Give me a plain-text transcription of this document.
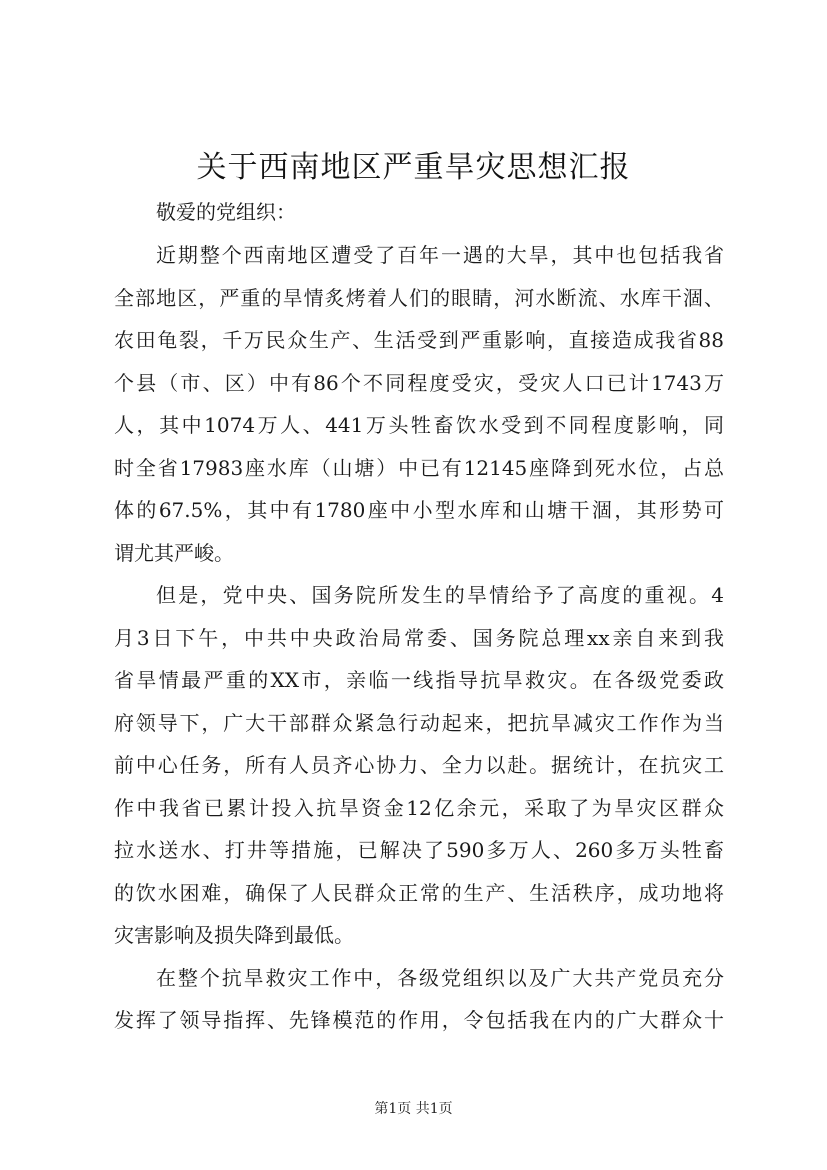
关于西南地区严重旱灾思想汇报
敬爱的党组织：
近期整个西南地区遭受了百年一遇的大旱，其中也包括我省
全部地区，严重的旱情炙烤着人们的眼睛，河水断流、水库干涸、
农田龟裂，千万民众生产、生活受到严重影响，直接造成我省88
个县（市、区）中有86个不同程度受灾，受灾人口已计1743万
人，其中1074万人、441万头牲畜饮水受到不同程度影响，同
时全省17983座水库（山塘）中已有12145座降到死水位，占总
体的67.5%，其中有1780座中小型水库和山塘干涸，其形势可
谓尤其严峻。
但是，党中央、国务院所发生的旱情给予了高度的重视。4
月3日下午，中共中央政治局常委、国务院总理xx亲自来到我
省旱情最严重的XX市，亲临一线指导抗旱救灾。在各级党委政
府领导下，广大干部群众紧急行动起来，把抗旱减灾工作作为当
前中心任务，所有人员齐心协力、全力以赴。据统计，在抗灾工
作中我省已累计投入抗旱资金12亿余元，采取了为旱灾区群众
拉水送水、打井等措施，已解决了590多万人、260多万头牲畜
的饮水困难，确保了人民群众正常的生产、生活秩序，成功地将
灾害影响及损失降到最低。
在整个抗旱救灾工作中，各级党组织以及广大共产党员充分
发挥了领导指挥、先锋模范的作用，令包括我在内的广大群众十
第1页 共1页
